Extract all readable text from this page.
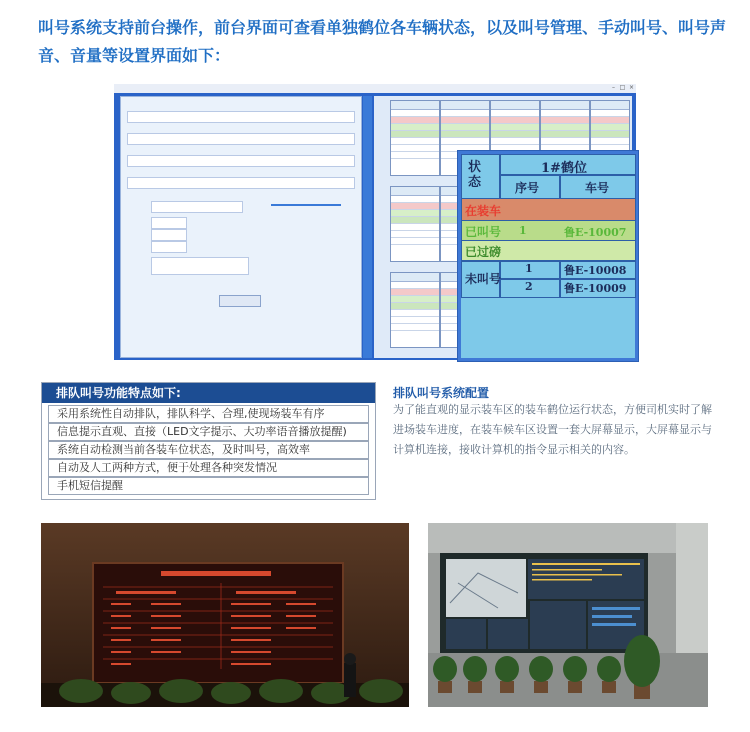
叫号系统支持前台操作，前台界面可查看单独鹤位各车辆状态，以及叫号管理、手动叫号、叫号声音、音量等设置界面如下：
– □ ×
状态
1#鹤位
序号	车号
在装车
已叫号 1	鲁E-10007
已过磅
未叫号
1	鲁E-10008
2	鲁E-10009
排队叫号功能特点如下:
采用系统性自动排队，排队科学、合理,使现场装车有序
信息提示直观、直接（LED文字提示、大功率语音播放提醒)
系统自动检测当前各装车位状态，及时叫号，高效率
自动及人工两种方式，便于处理各种突发情况
手机短信提醒
排队叫号系统配置
为了能直观的显示装车区的装车鹤位运行状态，方便司机实时了解进场装车进度，在装车候车区设置一套大屏幕显示，大屏幕显示与计算机连接，接收计算机的指令显示相关的内容。
